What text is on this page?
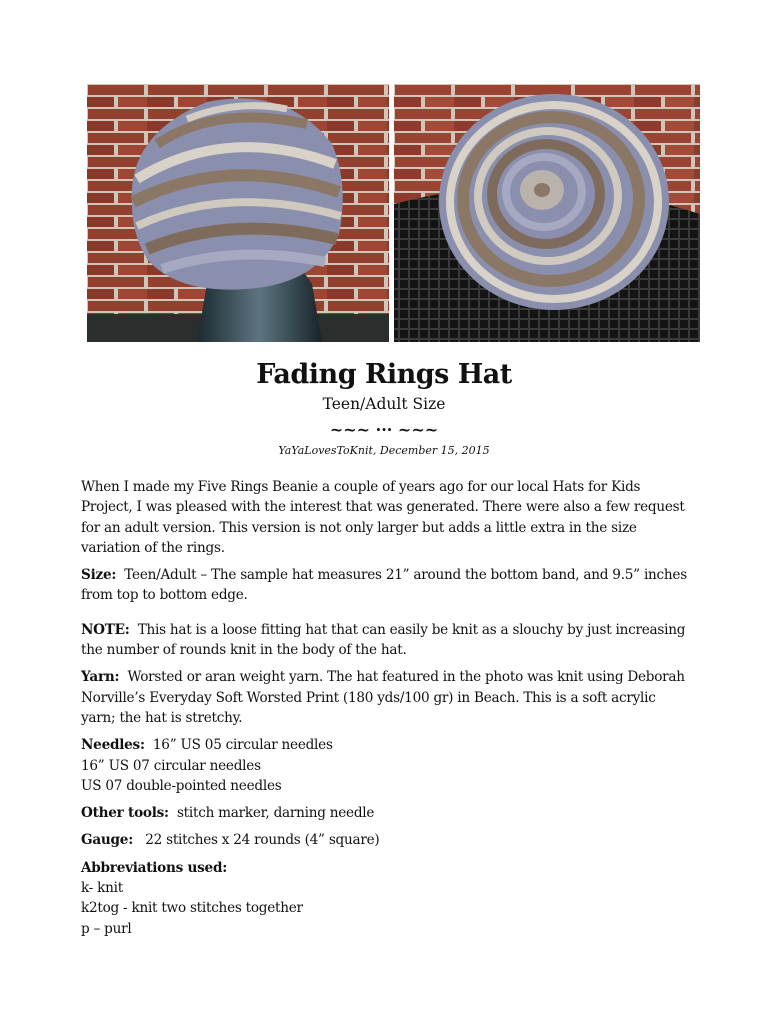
Fading Rings Hat

Teen/Adult Size

~~~ ··· ~~~

YaYaLovesToKnit, December 15, 2015

When I made my Five Rings Beanie a couple of years ago for our local Hats for Kids Project, I was pleased with the interest that was generated. There were also a few request for an adult version. This version is not only larger but adds a little extra in the size variation of the rings.

Size: Teen/Adult – The sample hat measures 21” around the bottom band, and 9.5” inches from top to bottom edge.

NOTE: This hat is a loose fitting hat that can easily be knit as a slouchy by just increasing the number of rounds knit in the body of the hat.

Yarn: Worsted or aran weight yarn. The hat featured in the photo was knit using Deborah Norville’s Everyday Soft Worsted Print (180 yds/100 gr) in Beach. This is a soft acrylic yarn; the hat is stretchy.

Needles: 16” US 05 circular needles
16” US 07 circular needles
US 07 double-pointed needles

Other tools: stitch marker, darning needle

Gauge: 22 stitches x 24 rounds (4” square)

Abbreviations used:
k- knit
k2tog - knit two stitches together
p – purl
